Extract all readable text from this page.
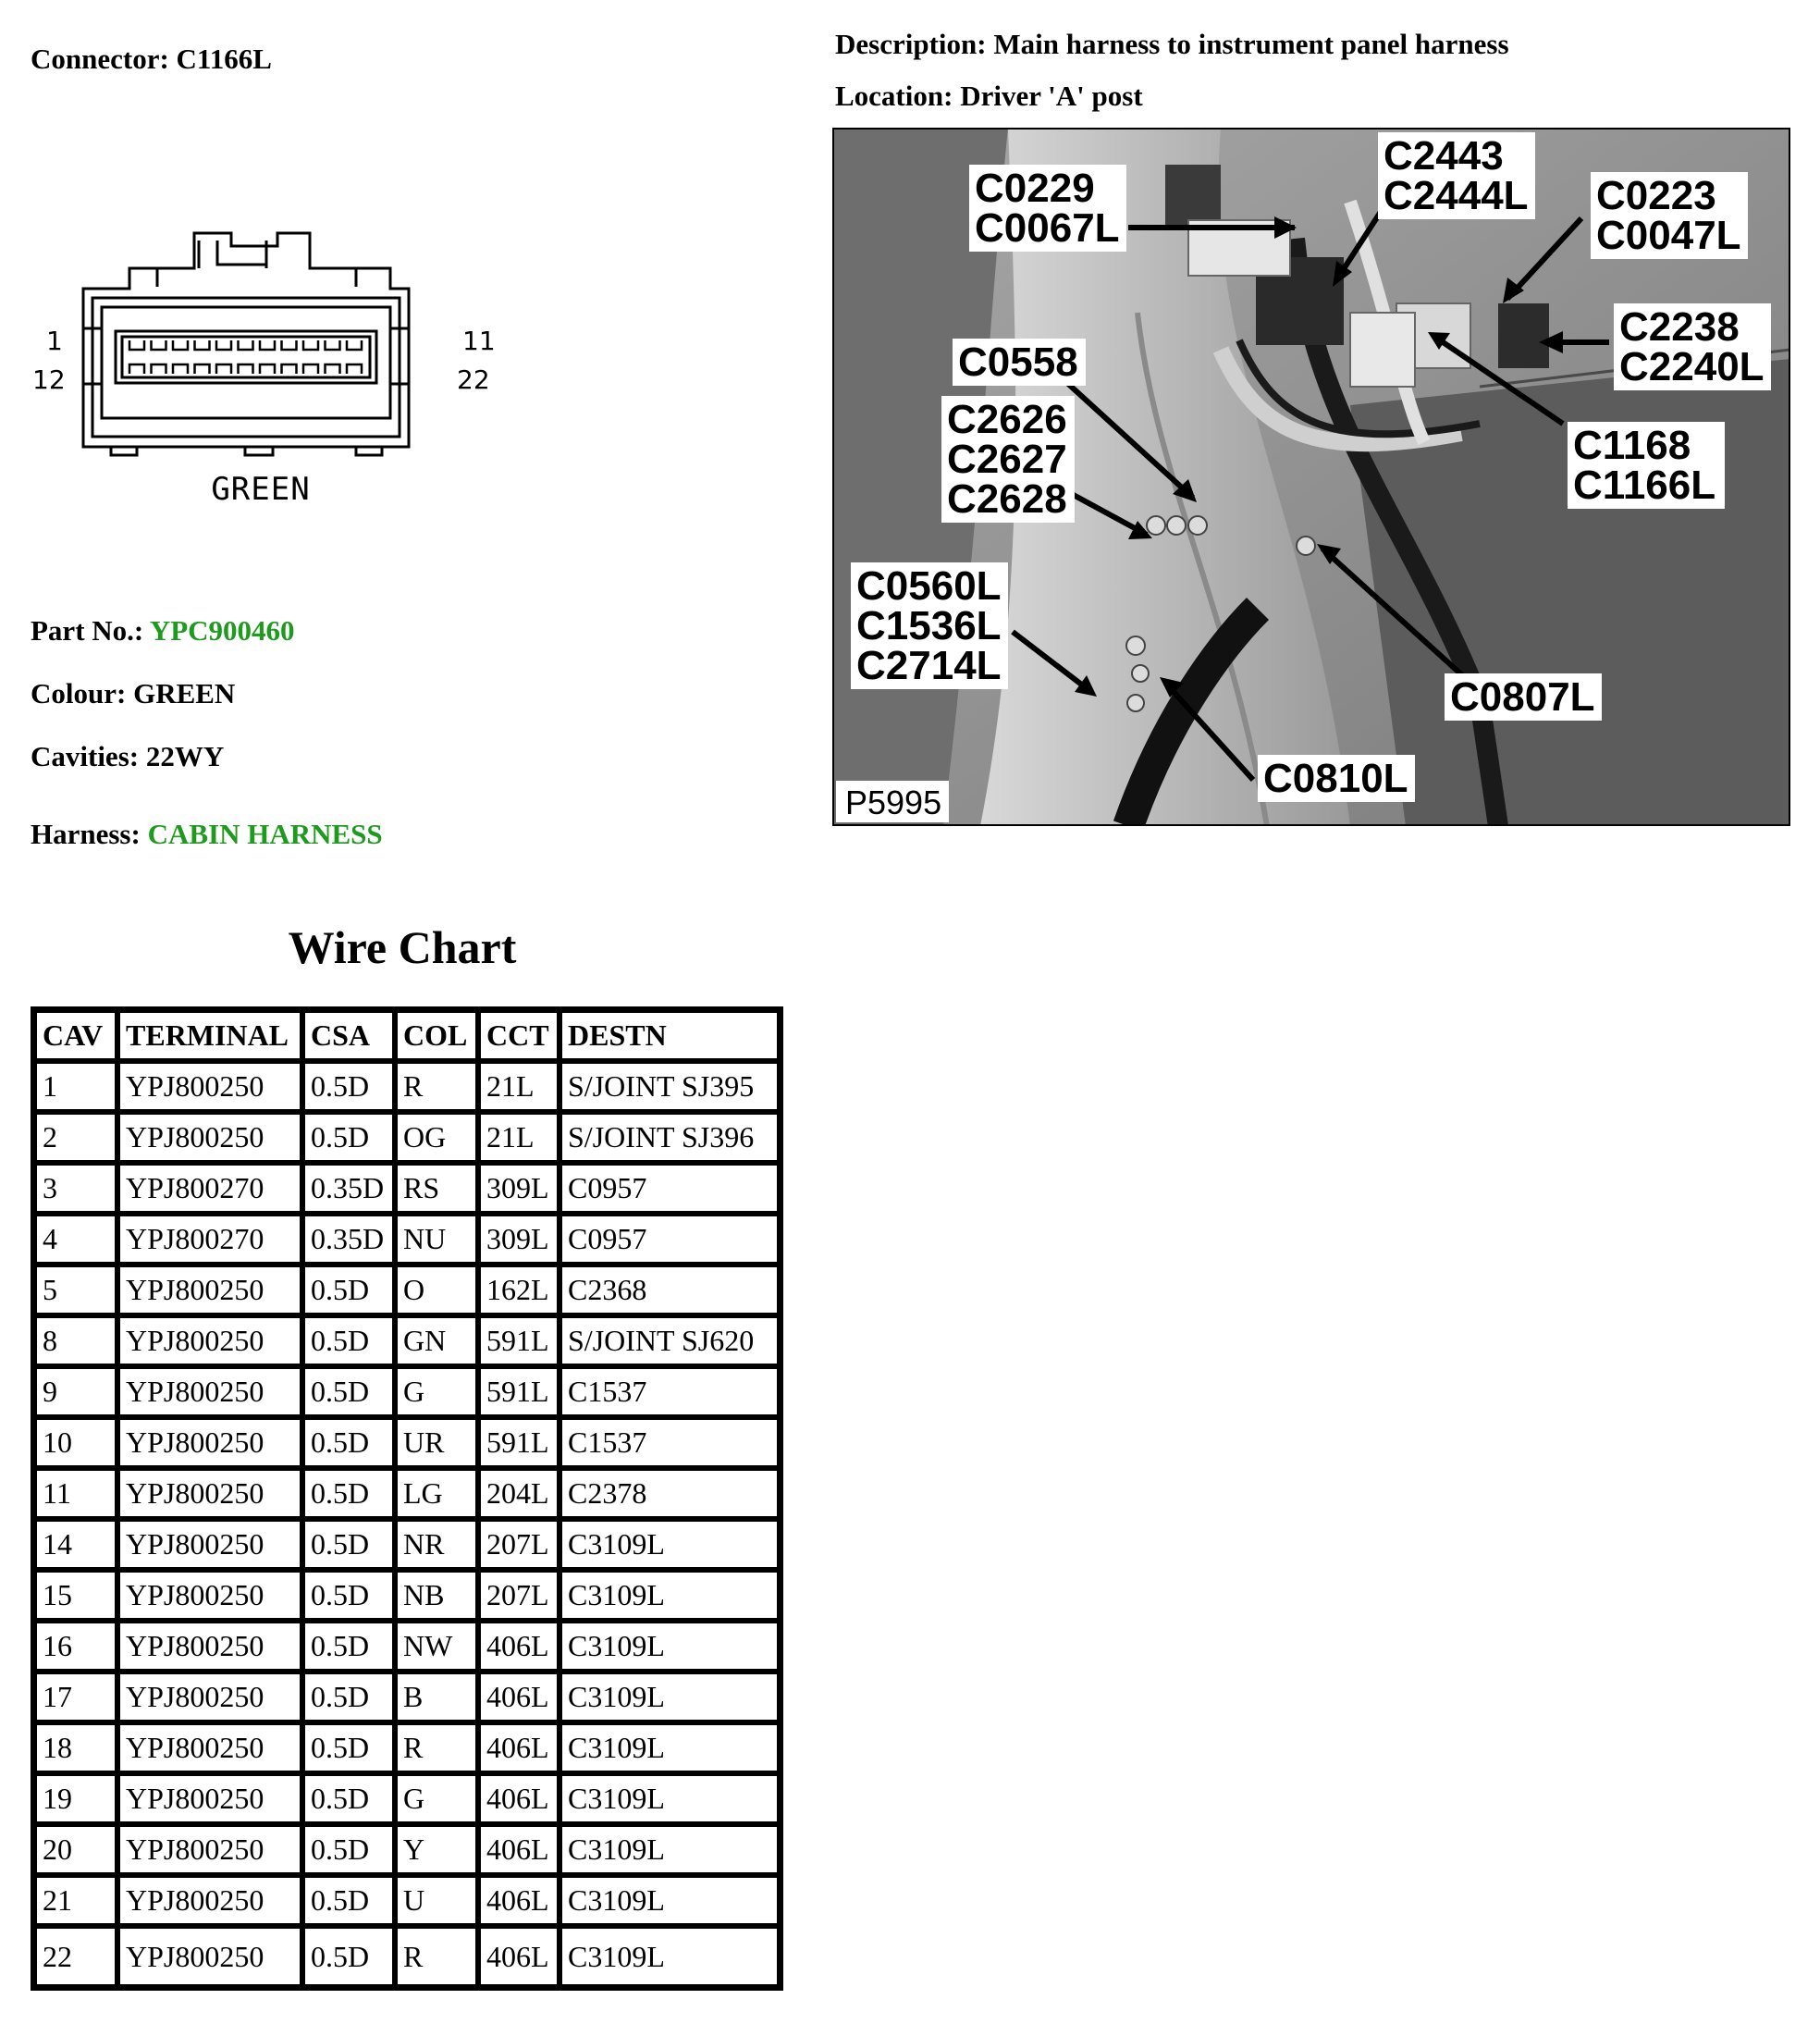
Connector: C1166L	Description: Main harness to instrument panel harness
Location: Driver 'A' post
1
12
11
22
GREEN
C0229
C0067L
C2443
C2444L C0223
C0047L
C2238
C2240L
C0558
C2626
C2627
C2628
C1168
C1166L
C0560L
C1536L
C2714L
C0807L
C0810L
P5995
Part No.: YPC900460
Colour: GREEN
Cavities: 22WY
Harness: CABIN HARNESS
Wire Chart
CAV	TERMINAL	CSA	COL	CCT	DESTN
1	YPJ800250	0.5D	R	21L	S/JOINT SJ395
2	YPJ800250	0.5D	OG	21L	S/JOINT SJ396
3	YPJ800270	0.35D	RS	309L	C0957
4	YPJ800270	0.35D	NU	309L	C0957
5	YPJ800250	0.5D	O	162L	C2368
8	YPJ800250	0.5D	GN	591L	S/JOINT SJ620
9	YPJ800250	0.5D	G	591L	C1537
10	YPJ800250	0.5D	UR	591L	C1537
11	YPJ800250	0.5D	LG	204L	C2378
14	YPJ800250	0.5D	NR	207L	C3109L
15	YPJ800250	0.5D	NB	207L	C3109L
16	YPJ800250	0.5D	NW	406L	C3109L
17	YPJ800250	0.5D	B	406L	C3109L
18	YPJ800250	0.5D	R	406L	C3109L
19	YPJ800250	0.5D	G	406L	C3109L
20	YPJ800250	0.5D	Y	406L	C3109L
21	YPJ800250	0.5D	U	406L	C3109L
22	YPJ800250	0.5D	R	406L	C3109L
